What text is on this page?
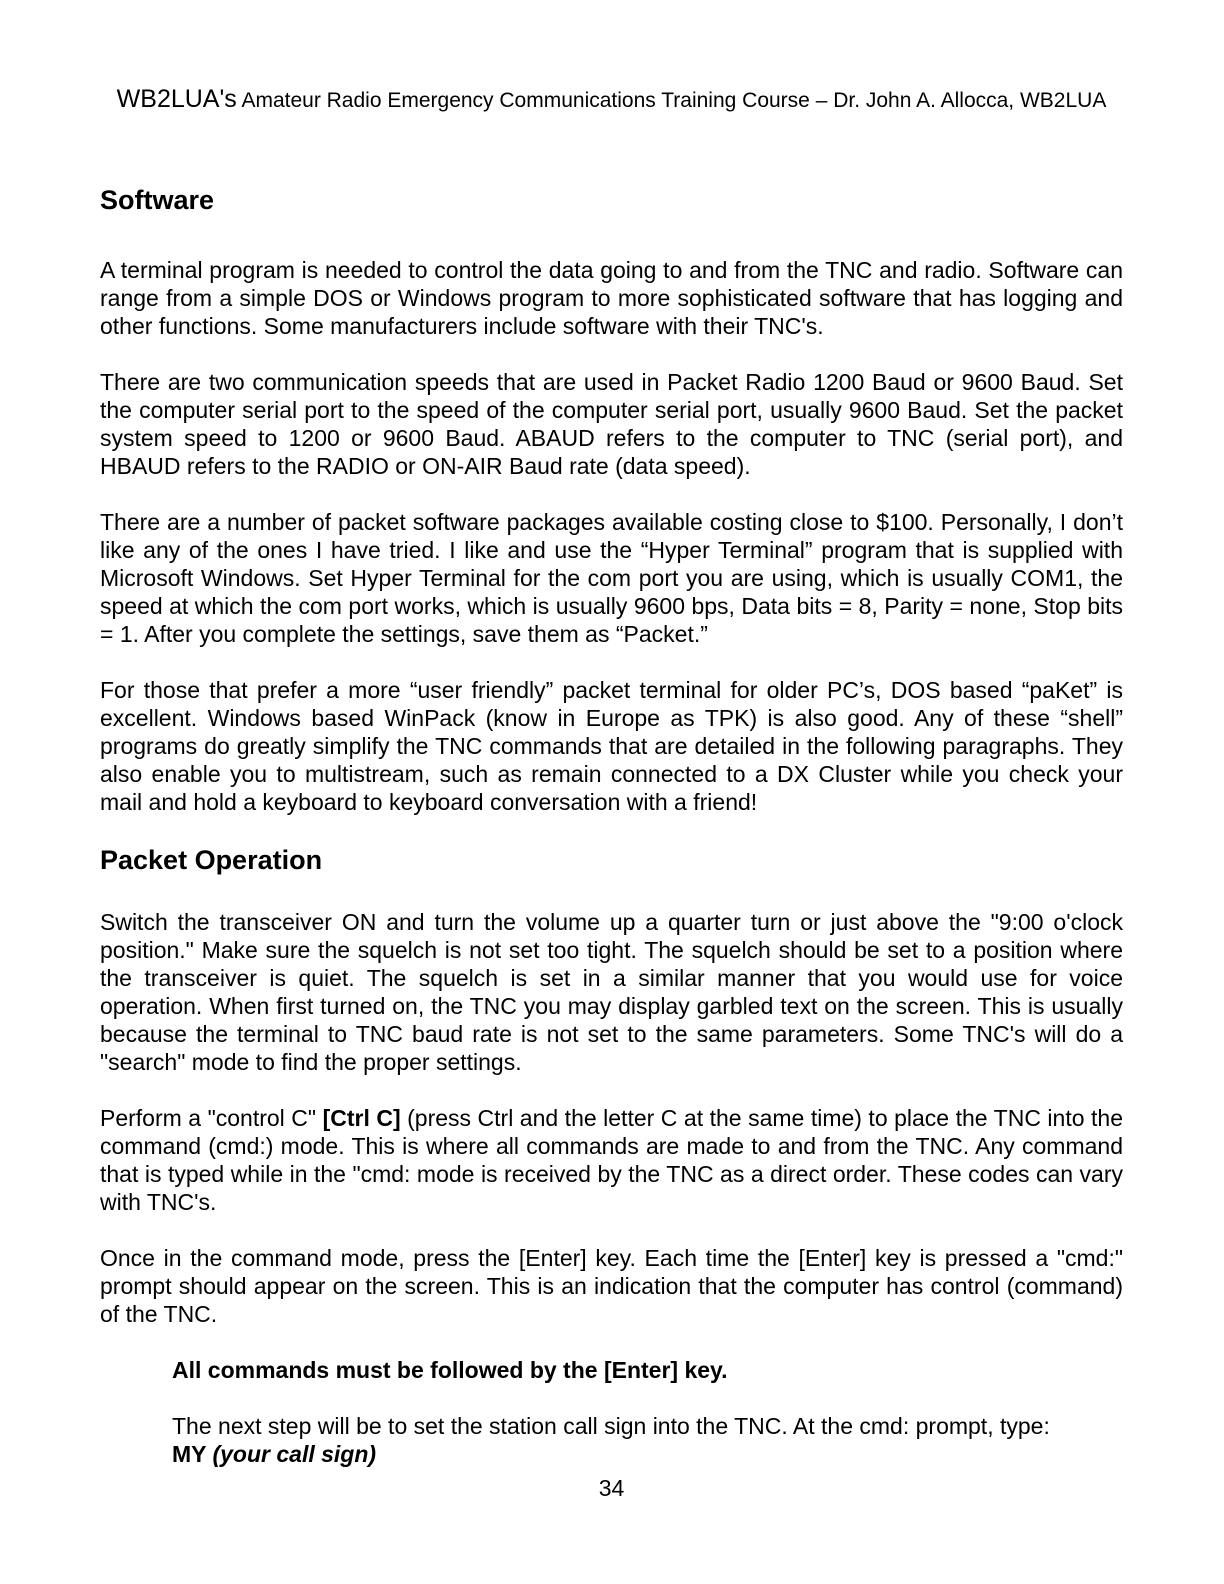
WB2LUA's Amateur Radio Emergency Communications Training Course – Dr. John A. Allocca, WB2LUA
Software

A terminal program is needed to control the data going to and from the TNC and radio. Software can range from a simple DOS or Windows program to more sophisticated software that has logging and other functions. Some manufacturers include software with their TNC's.

There are two communication speeds that are used in Packet Radio 1200 Baud or 9600 Baud. Set the computer serial port to the speed of the computer serial port, usually 9600 Baud. Set the packet system speed to 1200 or 9600 Baud. ABAUD refers to the computer to TNC (serial port), and HBAUD refers to the RADIO or ON-AIR Baud rate (data speed).

There are a number of packet software packages available costing close to $100. Personally, I don’t like any of the ones I have tried. I like and use the “Hyper Terminal” program that is supplied with Microsoft Windows. Set Hyper Terminal for the com port you are using, which is usually COM1, the speed at which the com port works, which is usually 9600 bps, Data bits = 8, Parity = none, Stop bits = 1. After you complete the settings, save them as “Packet.”

For those that prefer a more “user friendly” packet terminal for older PC’s, DOS based “paKet” is excellent. Windows based WinPack (know in Europe as TPK) is also good. Any of these “shell” programs do greatly simplify the TNC commands that are detailed in the following paragraphs. They also enable you to multistream, such as remain connected to a DX Cluster while you check your mail and hold a keyboard to keyboard conversation with a friend!

Packet Operation

Switch the transceiver ON and turn the volume up a quarter turn or just above the "9:00 o'clock position." Make sure the squelch is not set too tight. The squelch should be set to a position where the transceiver is quiet. The squelch is set in a similar manner that you would use for voice operation. When first turned on, the TNC you may display garbled text on the screen. This is usually because the terminal to TNC baud rate is not set to the same parameters. Some TNC's will do a "search" mode to find the proper settings.

Perform a "control C" [Ctrl C] (press Ctrl and the letter C at the same time) to place the TNC into the command (cmd:) mode. This is where all commands are made to and from the TNC. Any command that is typed while in the "cmd: mode is received by the TNC as a direct order. These codes can vary with TNC's.

Once in the command mode, press the [Enter] key. Each time the [Enter] key is pressed a "cmd:" prompt should appear on the screen. This is an indication that the computer has control (command) of the TNC.

All commands must be followed by the [Enter] key.
The next step will be to set the station call sign into the TNC. At the cmd: prompt, type:
MY (your call sign)
34
